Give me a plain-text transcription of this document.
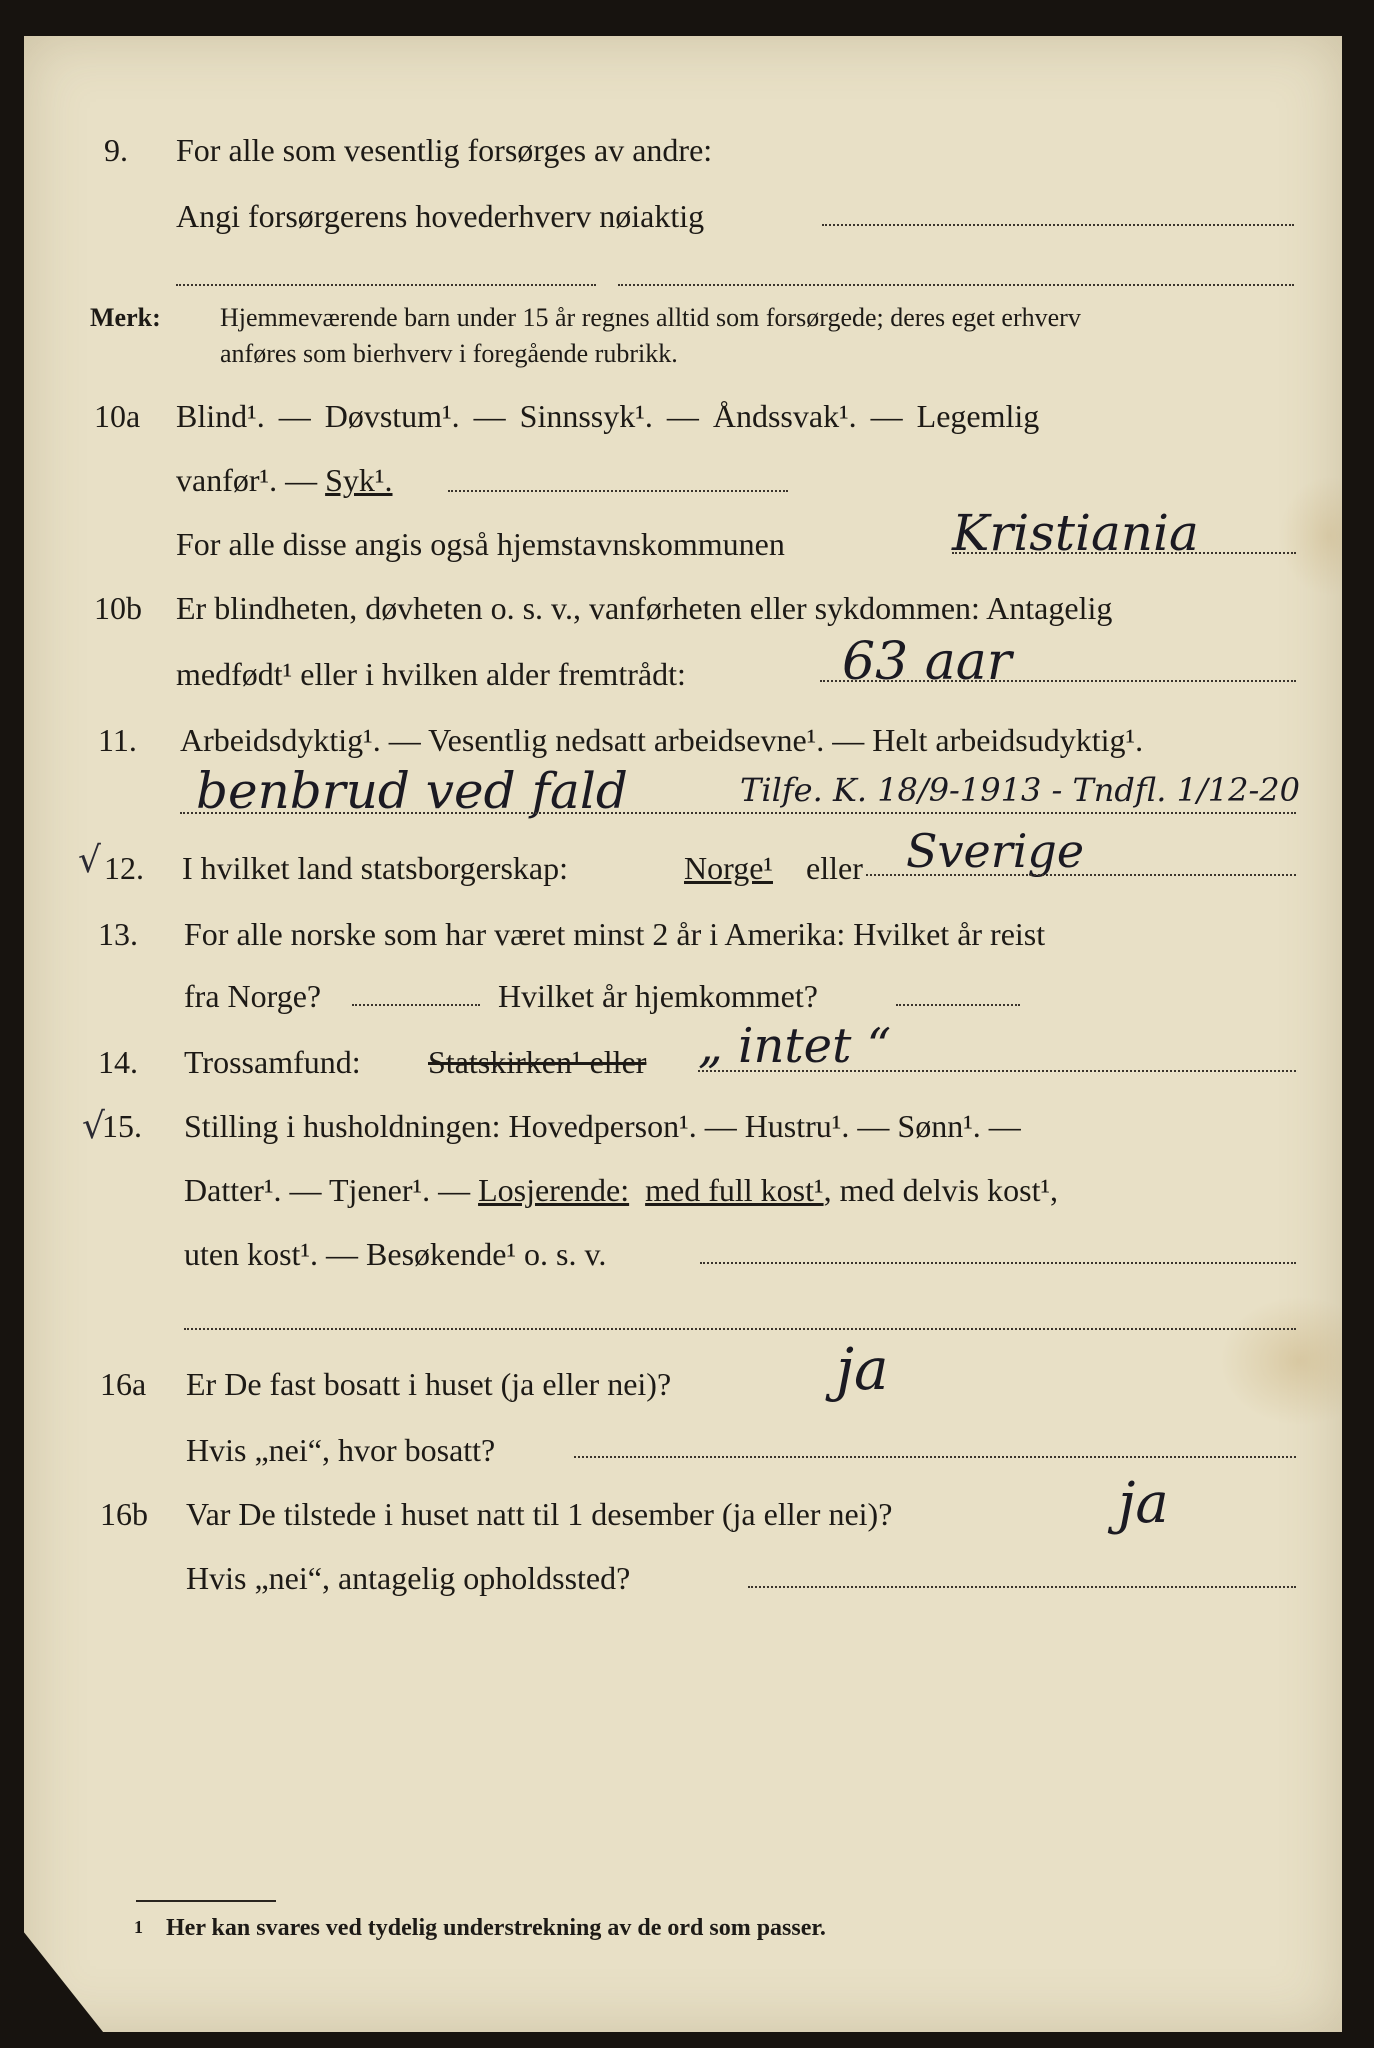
9. For alle som vesentlig forsørges av andre:
Angi forsørgerens hovederhverv nøiaktig
Merk: Hjemmeværende barn under 15 år regnes alltid som forsørgede; deres eget erhverv
anføres som bierhverv i foregående rubrikk.
10a Blind¹. — Døvstum¹. — Sinnssyk¹. — Åndssvak¹. — Legemlig
vanfør¹. — Syk¹.
For alle disse angis også hjemstavnskommunen	Kristiania
10b Er blindheten, døvheten o. s. v., vanførheten eller sykdommen: Antagelig
medfødt¹ eller i hvilken alder fremtrådt:	63 aar
11. Arbeidsdyktig¹. — Vesentlig nedsatt arbeidsevne¹. — Helt arbeidsudyktig¹.
benbrud ved fald	Tilfe. K. 18/9-1913 - Tndfl. 1/12-20
√ 12. I hvilket land statsborgerskap:	Norge¹ eller Sverige
13. For alle norske som har været minst 2 år i Amerika: Hvilket år reist
fra Norge?	Hvilket år hjemkommet?
14. Trossamfund: Statskirken¹ eller „ intet “
√
15. Stilling i husholdningen: Hovedperson¹. — Hustru¹. — Sønn¹. —
Datter¹. — Tjener¹. — Losjerende: med full kost¹, med delvis kost¹,
uten kost¹. — Besøkende¹ o. s. v.
16a Er De fast bosatt i huset (ja eller nei)?	ja
Hvis „nei“, hvor bosatt?
16b Var De tilstede i huset natt til 1 desember (ja eller nei)?	ja
Hvis „nei“, antagelig opholdssted?
1 Her kan svares ved tydelig understrekning av de ord som passer.
